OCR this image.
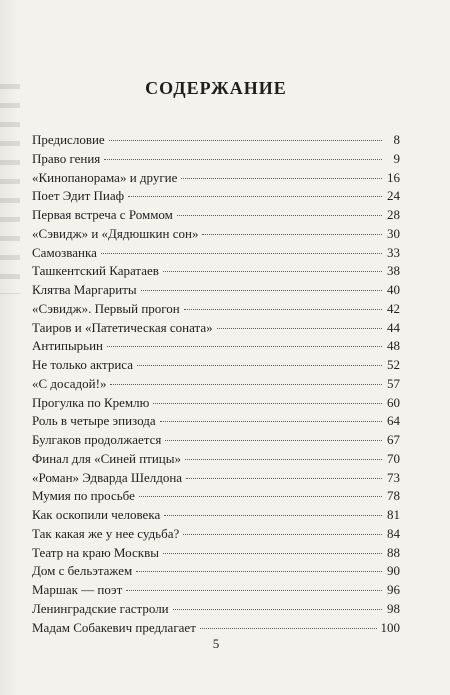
СОДЕРЖАНИЕ
Предисловие	8
Право гения	9
«Кинопанорама» и другие	16
Поет Эдит Пиаф	24
Первая встреча с Роммом	28
«Сэвидж» и «Дядюшкин сон»	30
Самозванка	33
Ташкентский Каратаев	38
Клятва Маргариты	40
«Сэвидж». Первый прогон	42
Таиров и «Патетическая соната»	44
Антипырьин	48
Не только актриса	52
«С досадой!»	57
Прогулка по Кремлю	60
Роль в четыре эпизода	64
Булгаков продолжается	67
Финал для «Синей птицы»	70
«Роман» Эдварда Шелдона	73
Мумия по просьбе	78
Как оскопили человека	81
Так какая же у нее судьба?	84
Театр на краю Москвы	88
Дом с бельэтажем	90
Маршак — поэт	96
Ленинградские гастроли	98
Мадам Собакевич предлагает	100
5
